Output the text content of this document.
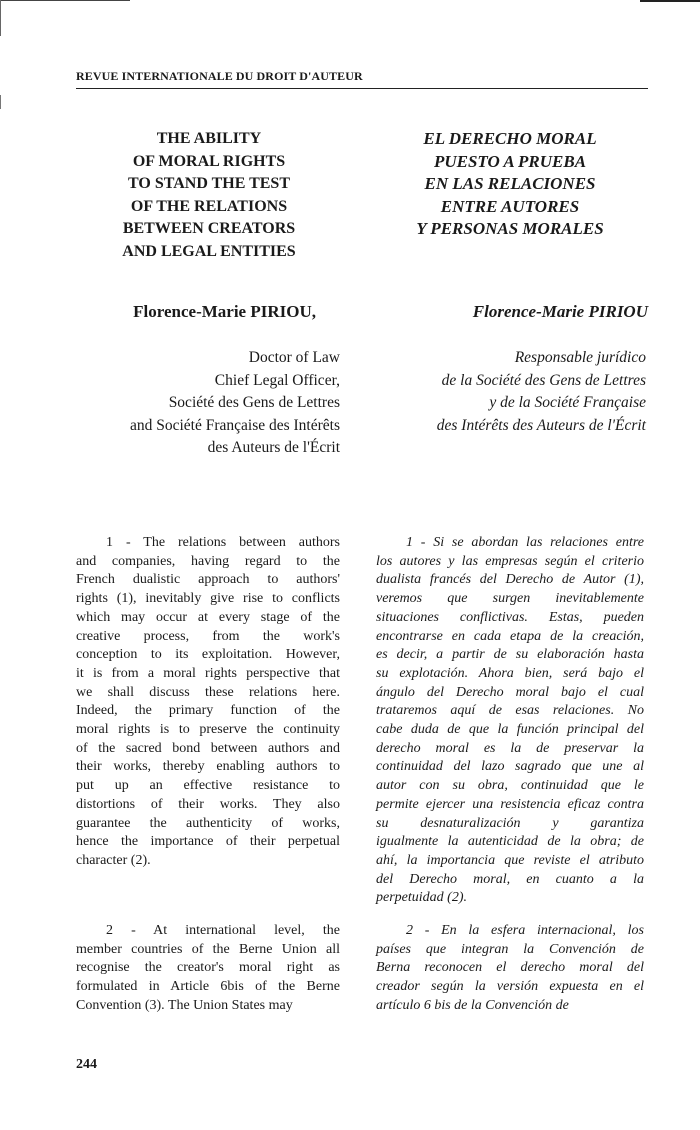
REVUE INTERNATIONALE DU DROIT D'AUTEUR
THE ABILITY
OF MORAL RIGHTS
TO STAND THE TEST
OF THE RELATIONS
BETWEEN CREATORS
AND LEGAL ENTITIES
EL DERECHO MORAL
PUESTO A PRUEBA
EN LAS RELACIONES
ENTRE AUTORES
Y PERSONAS MORALES
Florence-Marie PIRIOU,	Florence-Marie PIRIOU
Doctor of Law
Chief Legal Officer,
Société des Gens de Lettres
and Société Française des Intérêts
des Auteurs de l'Écrit
Responsable jurídico
de la Société des Gens de Lettres
y de la Société Française
des Intérêts des Auteurs de l'Écrit

1 - The relations between authors
and companies, having regard to the
French dualistic approach to authors'
rights (1), inevitably give rise to conflicts
which may occur at every stage of the
creative process, from the work's
conception to its exploitation. However,
it is from a moral rights perspective that
we shall discuss these relations here.
Indeed, the primary function of the
moral rights is to preserve the continuity
of the sacred bond between authors and
their works, thereby enabling authors to
put up an effective resistance to
distortions of their works. They also
guarantee the authenticity of works,
hence the importance of their perpetual
character (2).

1 - Si se abordan las relaciones entre
los autores y las empresas según el criterio
dualista francés del Derecho de Autor (1),
veremos que surgen inevitablemente
situaciones conflictivas. Estas, pueden
encontrarse en cada etapa de la creación,
es decir, a partir de su elaboración hasta
su explotación. Ahora bien, será bajo el
ángulo del Derecho moral bajo el cual
trataremos aquí de esas relaciones. No
cabe duda de que la función principal del
derecho moral es la de preservar la
continuidad del lazo sagrado que une al
autor con su obra, continuidad que le
permite ejercer una resistencia eficaz contra
su desnaturalización y garantiza
igualmente la autenticidad de la obra; de
ahí, la importancia que reviste el atributo
del Derecho moral, en cuanto a la
perpetuidad (2).

2 - At international level, the
member countries of the Berne Union all
recognise the creator's moral right as
formulated in Article 6bis of the Berne
Convention (3). The Union States may

2 - En la esfera internacional, los
países que integran la Convención de
Berna reconocen el derecho moral del
creador según la versión expuesta en el
artículo 6 bis de la Convención de

244
